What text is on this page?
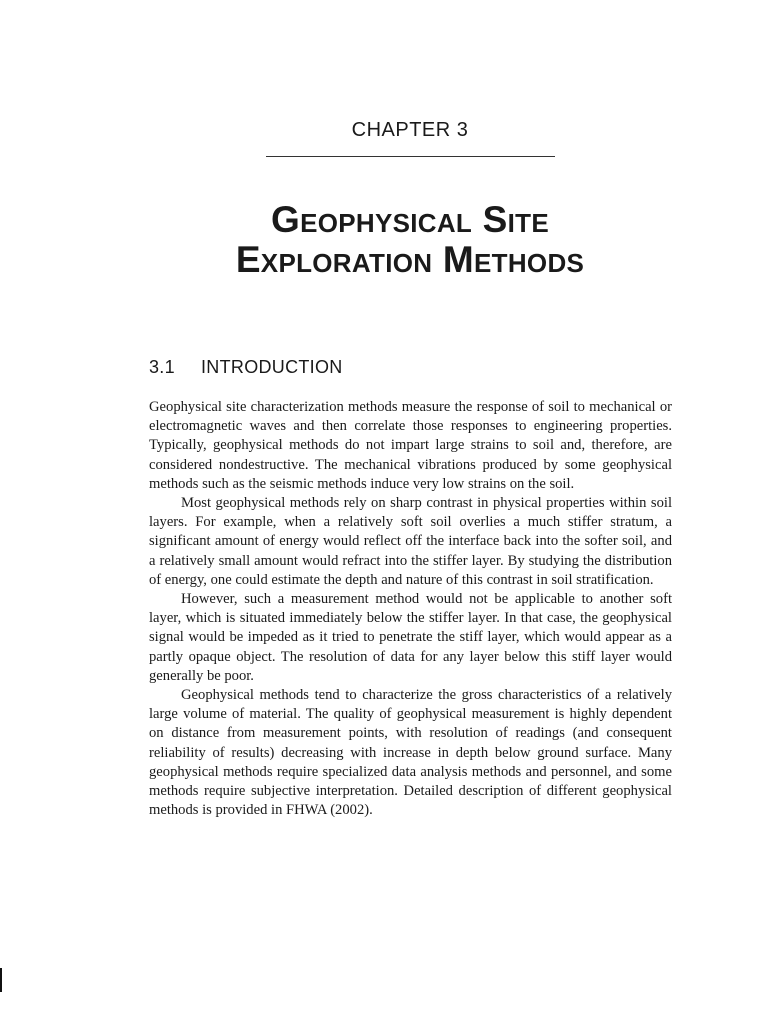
CHAPTER 3
Geophysical Site
Exploration Methods
3.1 INTRODUCTION

Geophysical site characterization methods measure the response of soil to mechanical or electromagnetic waves and then correlate those responses to engineering properties. Typically, geophysical methods do not impart large strains to soil and, therefore, are considered nondestructive. The mechanical vibrations produced by some geophysical methods such as the seismic methods induce very low strains on the soil.

Most geophysical methods rely on sharp contrast in physical properties within soil layers. For example, when a relatively soft soil overlies a much stiffer stratum, a significant amount of energy would reflect off the interface back into the softer soil, and a relatively small amount would refract into the stiffer layer. By studying the distribution of energy, one could estimate the depth and nature of this contrast in soil stratification.

However, such a measurement method would not be applicable to another soft layer, which is situated immediately below the stiffer layer. In that case, the geophysical signal would be impeded as it tried to penetrate the stiff layer, which would appear as a partly opaque object. The resolution of data for any layer below this stiff layer would generally be poor.

Geophysical methods tend to characterize the gross characteristics of a relatively large volume of material. The quality of geophysical measurement is highly dependent on distance from measurement points, with resolution of readings (and consequent reliability of results) decreasing with increase in depth below ground surface. Many geophysical methods require specialized data analysis methods and personnel, and some methods require subjective interpretation. Detailed description of different geophysical methods is provided in FHWA (2002).
